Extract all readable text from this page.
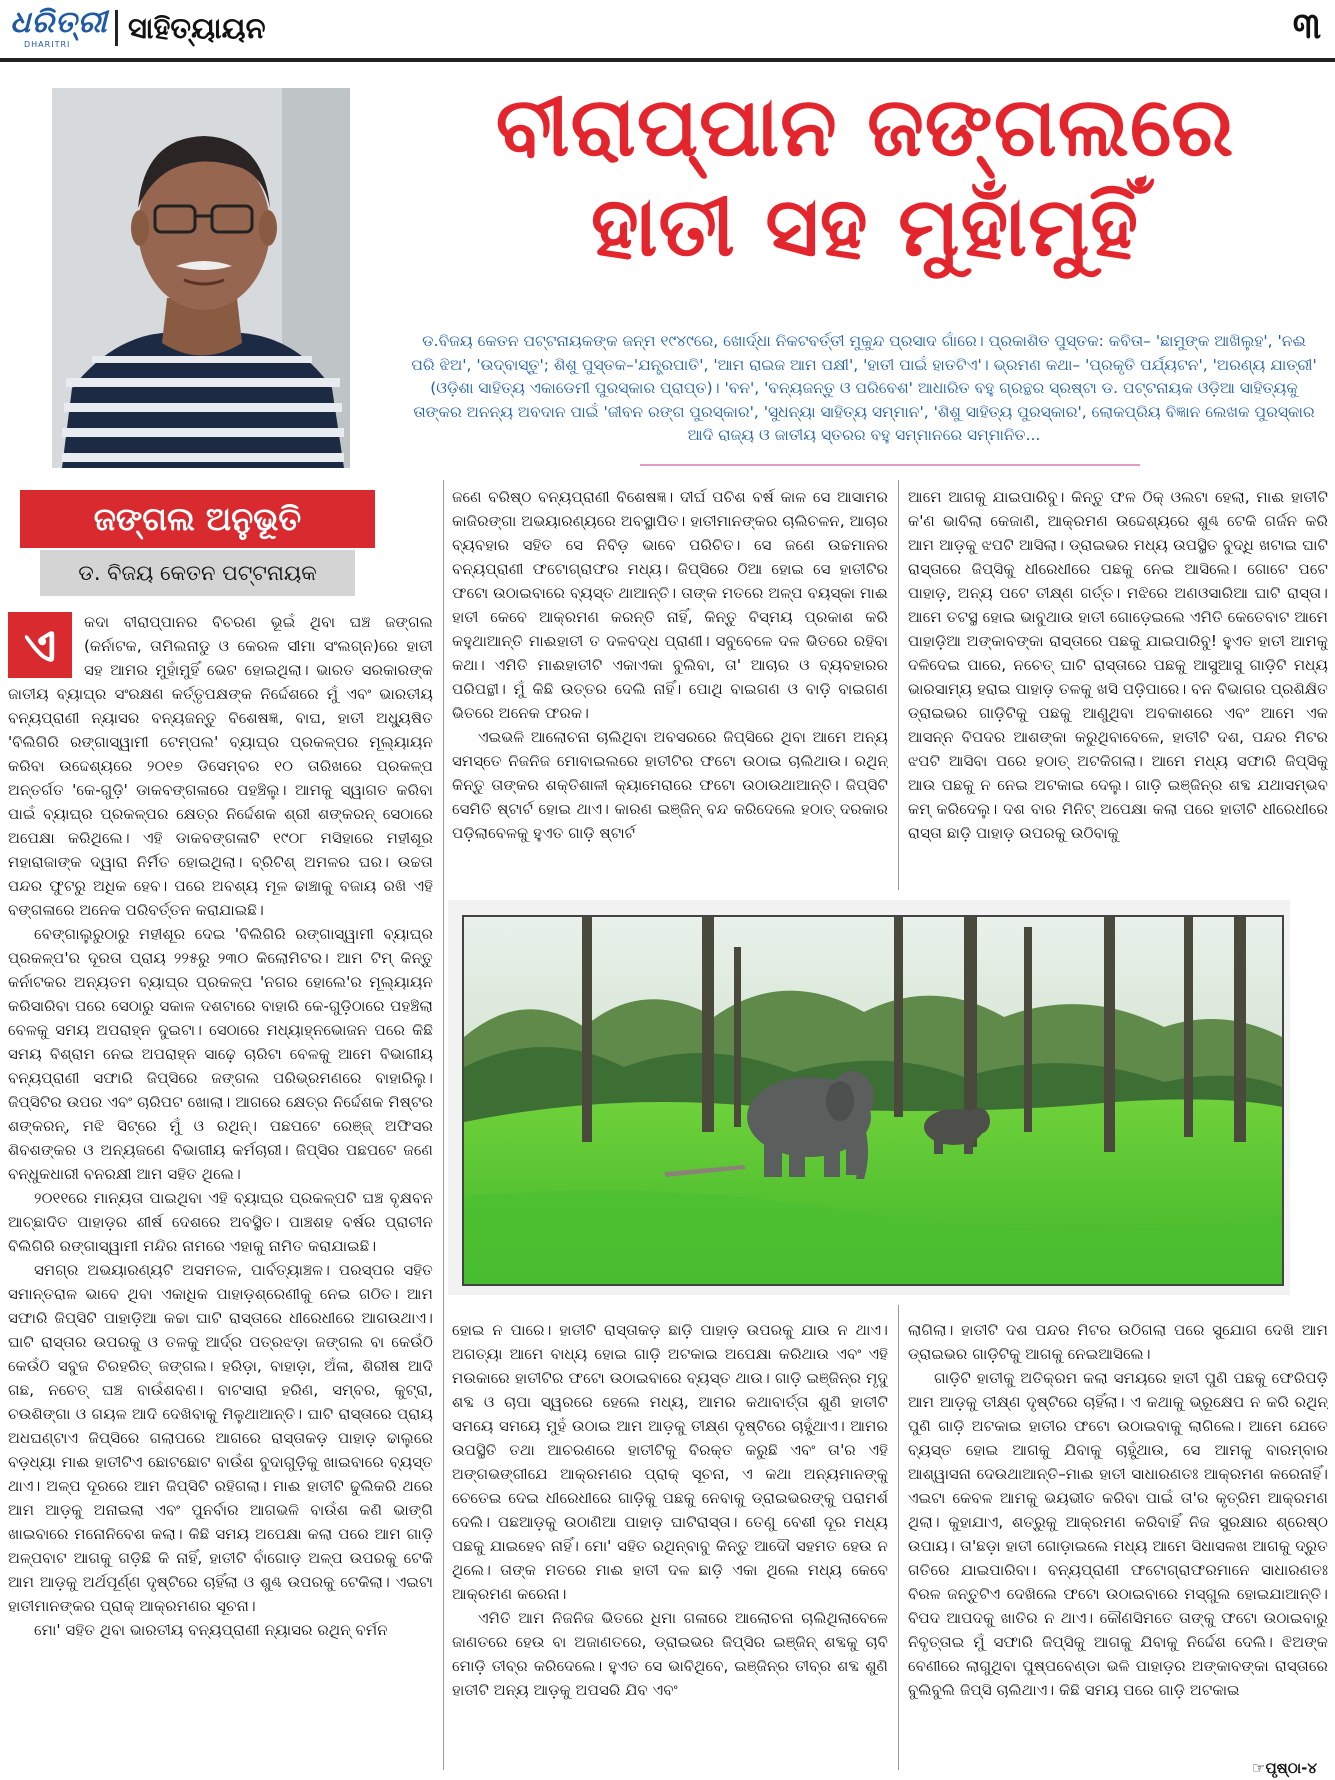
ଧରିତ୍ରୀ
DHARITRI ସାହିତ୍ୟାୟନ	୩
ଜଙ୍ଗଲ ଅନୁଭୂତି
ଡ. ବିଜୟ କେତନ ପଟ୍ଟନାୟକ
ବୀରାପ୍ପାନ ଜଙ୍ଗଲରେ
ହାତୀ ସହ ମୁହାଁମୁହିଁ
ଡ.ବିଜୟ କେତନ ପଟ୍ଟନାୟକଙ୍କ ଜନ୍ମ ୧୯୪୯ରେ, ଖୋର୍ଦ୍ଧା ନିକଟବର୍ତ୍ତୀ ମୁକୁନ୍ଦ ପ୍ରସାଦ ଗାଁରେ। ପ୍ରକାଶିତ ପୁସ୍ତକ: କବିତା– 'ଛାମୁଙ୍କ ଆଖିଲୁହ', 'ନଈ ପରି ଝିଅ', 'ଉଦ୍‌ବାସ୍ତୁ'; ଶିଶୁ ପୁସ୍ତକ–'ଯନ୍ତ୍ରପାତି', 'ଆମ ରାଇଜ ଆମ ପକ୍ଷୀ', 'ହାତୀ ପାଇଁ ହାତଟିଏ'। ଭ୍ରମଣ କଥା– 'ପ୍ରକୃତି ପର୍ଯ୍ୟଟନ', 'ଅରଣ୍ୟ ଯାତ୍ରୀ' (ଓଡ଼ିଶା ସାହିତ୍ୟ ଏକାଡେମୀ ପୁରସ୍କାର ପ୍ରାପ୍ତ)। 'ବନ', 'ବନ୍ୟଜନ୍ତୁ ଓ ପରିବେଶ' ଆଧାରିତ ବହୁ ଗ୍ରନ୍ଥର ସ୍ରଷ୍ଟା ଡ. ପଟ୍ଟନାୟକ ଓଡ଼ିଆ ସାହିତ୍ୟକୁ ତାଙ୍କର ଅନନ୍ୟ ଅବଦାନ ପାଇଁ 'ଜୀବନ ରଙ୍ଗ ପୁରସ୍କାର', 'ସୁଧନ୍ୟା ସାହିତ୍ୟ ସମ୍ମାନ', 'ଶିଶୁ ସାହିତ୍ୟ ପୁରସ୍କାର', ଲୋକପ୍ରିୟ ବିଜ୍ଞାନ ଲେଖକ ପୁରସ୍କାର ଆଦି ରାଜ୍ୟ ଓ ଜାତୀୟ ସ୍ତରର ବହୁ ସମ୍ମାନରେ ସମ୍ମାନିତ...
ଏ	କଦା ବୀରାପ୍ପାନର ବିଚରଣ ଭୂଇଁ ଥିବା ଘଞ୍ଚ ଜଙ୍ଗଲ (କର୍ନାଟକ, ତାମିଲନାଡୁ ଓ କେରଳ ସୀମା ସଂଲଗ୍ନ)ରେ ହାତୀ ସହ ଆମର ମୁହାଁମୁହିଁ ଭେଟ ହୋଇଥିଲା। ଭାରତ ସରକାରଙ୍କ ଜାତୀୟ ବ୍ୟାଘ୍ର ସଂରକ୍ଷଣ କର୍ତ୍ତୃପକ୍ଷଙ୍କ ନିର୍ଦ୍ଦେଶରେ ମୁଁ ଏବଂ ଭାରତୀୟ ବନ୍ୟପ୍ରାଣୀ ନ୍ୟାସର ବନ୍ୟଜନ୍ତୁ ବିଶେଷଜ୍ଞ, ବାଘ, ହାତୀ ଅଧ୍ୟୁଷିତ 'ବିଲିଗିରି ରଙ୍ଗାସ୍ୱାମୀ ଟେମ୍ପଲ' ବ୍ୟାଘ୍ର ପ୍ରକଳ୍ପର ମୂଲ୍ୟାୟନ କରିବା ଉଦ୍ଦେଶ୍ୟରେ ୨୦୧୭ ଡିସେମ୍ବର ୧୦ ତାରିଖରେ ପ୍ରକଳ୍ପ ଅନ୍ତର୍ଗତ 'କେ-ଗୁଡ଼ି' ଡାକବଙ୍ଗଳାରେ ପହଞ୍ଚିଲୁ। ଆମକୁ ସ୍ୱାଗତ କରିବା ପାଇଁ ବ୍ୟାଘ୍ର ପ୍ରକଳ୍ପର କ୍ଷେତ୍ର ନିର୍ଦ୍ଦେଶକ ଶ୍ରୀ ଶଙ୍କରନ୍ ସେଠାରେ ଅପେକ୍ଷା କରିଥିଲେ। ଏହି ଡାକବଙ୍ଗଳାଟି ୧୯୦୮ ମସିହାରେ ମହୀଶୂର ମହାରାଜାଙ୍କ ଦ୍ୱାରା ନିର୍ମିତ ହୋଇଥିଲା। ବ୍ରିଟିଶ୍ ଅମଳର ଘର। ଉଚ୍ଚତା ପନ୍ଦର ଫୁଟରୁ ଅଧିକ ହେବ। ପରେ ଅବଶ୍ୟ ମୂଳ ଢାଞ୍ଚାକୁ ବଜାୟ ରଖି ଏହି ବଙ୍ଗଳାରେ ଅନେକ ପରିବର୍ତ୍ତନ କରାଯାଇଛି।

ବେଙ୍ଗାଲୁରୁଠାରୁ ମହୀଶୂର ଦେଇ 'ବିଲିଗିରି ରଙ୍ଗାସ୍ୱାମୀ ବ୍ୟାଘ୍ର ପ୍ରକଳ୍ପ'ର ଦୂରତା ପ୍ରାୟ ୨୨୫ରୁ ୨୩୦ କିଲୋମିଟର। ଆମ ଟିମ୍ କିନ୍ତୁ କର୍ନାଟକର ଅନ୍ୟତମ ବ୍ୟାଘ୍ର ପ୍ରକଳ୍ପ 'ନଗର ହୋଲେ'ର ମୂଲ୍ୟାୟନ କରିସାରିବା ପରେ ସେଠାରୁ ସକାଳ ଦଶଟାରେ ବାହାରି କେ-ଗୁଡ଼ିଠାରେ ପହଞ୍ଚିଲା ବେଳକୁ ସମୟ ଅପରାହ୍ନ ଦୁଇଟା। ସେଠାରେ ମଧ୍ୟାହ୍ନଭୋଜନ ପରେ କିଛି ସମୟ ବିଶ୍ରାମ ନେଇ ଅପରାହ୍ନ ସାଢ଼େ ଚାରିଟା ବେଳକୁ ଆମେ ବିଭାଗୀୟ ବନ୍ୟପ୍ରାଣୀ ସଫାରି ଜିପ୍‌ସିରେ ଜଙ୍ଗଲ ପରିଭ୍ରମଣରେ ବାହାରିଲୁ। ଜିପ୍‌ସିଟିର ଉପର ଏବଂ ଚାରିପଟ ଖୋଲା। ଆଗରେ କ୍ଷେତ୍ର ନିର୍ଦ୍ଦେଶକ ମିଷ୍ଟର ଶଙ୍କରନ୍, ମଝି ସିଟ୍‌ରେ ମୁଁ ଓ ରଥିନ୍। ପଛପଟେ ରେଞ୍ଜ୍ ଅଫିସର ଶିବଶଙ୍କର ଓ ଅନ୍ୟଜଣେ ବିଭାଗୀୟ କର୍ମଚାରୀ। ଜିପ୍‌ସିର ପଛପଟେ ଜଣେ ବନ୍ଧୁକଧାରୀ ବନରକ୍ଷୀ ଆମ ସହିତ ଥିଲେ।

୨୦୧୧ରେ ମାନ୍ୟତା ପାଇଥିବା ଏହି ବ୍ୟାଘ୍ର ପ୍ରକଳ୍ପଟି ଘଞ୍ଚ ବୃକ୍ଷବନ ଆଚ୍ଛାଦିତ ପାହାଡ଼ର ଶୀର୍ଷ ଦେଶରେ ଅବସ୍ଥିତ। ପାଞ୍ଚଶହ ବର୍ଷର ପ୍ରାଚୀନ ବିଲିଗିରି ରଙ୍ଗାସ୍ୱାମୀ ମନ୍ଦିର ନାମରେ ଏହାକୁ ନାମିତ କରାଯାଇଛି।

ସମଗ୍ର ଅଭୟାରଣ୍ୟଟି ଅସମତଳ, ପାର୍ବତ୍ୟାଞ୍ଚଳ। ପରସ୍ପର ସହିତ ସମାନ୍ତରାଳ ଭାବେ ଥିବା ଏକାଧିକ ପାହାଡ଼ଶ୍ରେଣୀକୁ ନେଇ ଗଠିତ। ଆମ ସଫାରି ଜିପ୍‌ସିଟି ପାହାଡ଼ିଆ କଚ୍ଚା ଘାଟି ରାସ୍ତାରେ ଧୀରେଧୀରେ ଆଗଉଥାଏ। ଘାଟି ରାସ୍ତାର ଉପରକୁ ଓ ତଳକୁ ଆର୍ଦ୍ର ପତ୍ରଝଡ଼ା ଜଙ୍ଗଲ ବା କେଉଁଠି କେଉଁଠି ସବୁଜ ଚିରହରିତ୍ ଜଙ୍ଗଲ। ହରିଡ଼ା, ବାହାଡ଼ା, ଅଁଳା, ଶିରୀଷ ଆଦି ଗଛ, ନଚେତ୍ ଘଞ୍ଚ ବାଉଁଶବଣ। ବାଟସାରା ହରିଣ, ସମ୍ବର, କୁଟ୍ରା, ଚଉଶିଙ୍ଗା ଓ ଗୟଳ ଆଦି ଦେଖିବାକୁ ମିଳୁଥାଆନ୍ତି। ଘାଟି ରାସ୍ତାରେ ପ୍ରାୟ ଅଧଘଣ୍ଟାଏ ଜିପ୍‌ସିରେ ଗଲାପରେ ଆଗରେ ରାସ୍ତାକଡ଼ ପାହାଡ଼ ଢାଲୁରେ ବଡ଼ଧ୍ୟା ମାଈ ହାତୀଟିଏ ଛୋଟଛୋଟ ବାଉଁଶ ବୁଦାଗୁଡ଼ିକୁ ଖାଇବାରେ ବ୍ୟସ୍ତ ଥାଏ। ଅଳ୍ପ ଦୂରରେ ଆମ ଜିପ୍‌ସିଟି ରହିଗଲା। ମାଈ ହାତୀଟି ଢୁଲିକରି ଥରେ ଆମ ଆଡ଼କୁ ଅନାଇଲା ଏବଂ ପୁନର୍ବାର ଆଗଭଳି ବାଉଁଶ କଣି ଭାଙ୍ଗି ଖାଇବାରେ ମନୋନିବେଶ କଲା। କିଛି ସମୟ ଅପେକ୍ଷା କଲା ପରେ ଆମ ଗାଡ଼ି ଅଳ୍ପବାଟ ଆଗକୁ ଗଡ଼ିଛି କି ନାହିଁ, ହାତୀଟି ବାଁଗୋଡ଼ ଅଳ୍ପ ଉପରକୁ ଟେକି ଆମ ଆଡ଼କୁ ଅର୍ଥପୂର୍ଣ୍ଣ ଦୃଷ୍ଟିରେ ଚାହିଁଲା ଓ ଶୁଣ୍ଢ ଉପରକୁ ଟେକିଲା। ଏଇଟା ହାତୀମାନଙ୍କର ପ୍ରାକ୍ ଆକ୍ରମଣର ସୂଚନା।

ମୋ' ସହିତ ଥିବା ଭାରତୀୟ ବନ୍ୟପ୍ରାଣୀ ନ୍ୟାସର ରଥିନ୍ ବର୍ମନ

ଜଣେ ବରିଷ୍ଠ ବନ୍ୟପ୍ରାଣୀ ବିଶେଷଜ୍ଞ। ଦୀର୍ଘ ପଚିଶ ବର୍ଷ କାଳ ସେ ଆସାମର କାଜିରଙ୍ଗା ଅଭୟାରଣ୍ୟରେ ଅବସ୍ଥାପିତ। ହାତୀମାନଙ୍କର ଚାଲିଚଳନ, ଆଚାର ବ୍ୟବହାର ସହିତ ସେ ନିବିଡ଼ ଭାବେ ପରିଚିତ। ସେ ଜଣେ ଉଚ୍ଚମାନର ବନ୍ୟପ୍ରାଣୀ ଫଟୋଗ୍ରାଫର ମଧ୍ୟ। ଜିପ୍‌ସିରେ ଠିଆ ହୋଇ ସେ ହାତୀଟିର ଫଟୋ ଉଠାଇବାରେ ବ୍ୟସ୍ତ ଥାଆନ୍ତି। ତାଙ୍କ ମତରେ ଅଳ୍ପ ବୟସ୍କା ମାଈ ହାତୀ କେବେ ଆକ୍ରମଣ କରନ୍ତି ନାହିଁ, କିନ୍ତୁ ବିସ୍ମୟ ପ୍ରକାଶ କରି କହୁଥାଆନ୍ତି ମାଈହାତୀ ତ ଦଳବଦ୍ଧ ପ୍ରାଣୀ। ସବୁବେଳେ ଦଳ ଭିତରେ ରହିବା କଥା। ଏମିତି ମାଈହାତୀଟି ଏକାଏକା ବୁଲିବା, ତା' ଆଚାର ଓ ବ୍ୟବହାରର ପରିପନ୍ଥୀ। ମୁଁ କିଛି ଉତ୍ତର ଦେଲି ନାହିଁ। ପୋଥି ବାଇଗଣ ଓ ବାଡ଼ି ବାଇଗଣ ଭିତରେ ଅନେକ ଫରକ।

ଏଇଭଳି ଆଲୋଚନା ଚାଲିଥିବା ଅବସରରେ ଜିପ୍‌ସିରେ ଥିବା ଆମେ ଅନ୍ୟ ସମସ୍ତେ ନିଜନିଜ ମୋବାଇଲରେ ହାତୀଟିର ଫଟୋ ଉଠାଇ ଚାଲିଥାଉ। ରଥିନ୍ କିନ୍ତୁ ତାଙ୍କର ଶକ୍ତିଶାଳୀ କ୍ୟାମେରାରେ ଫଟୋ ଉଠାଉଥାଆନ୍ତି। ଜିପ୍‌ସିଟି ସେମିତି ଷ୍ଟାର୍ଟ ହୋଇ ଥାଏ। କାରଣ ଇଞ୍ଜିନ୍ ବନ୍ଦ କରିଦେଲେ ହଠାତ୍ ଦରକାର ପଡ଼ିଲାବେଳକୁ ହୁଏତ ଗାଡ଼ି ଷ୍ଟାର୍ଟ

ଆମେ ଆଗକୁ ଯାଇପାରିବୁ। କିନ୍ତୁ ଫଳ ଠିକ୍ ଓଲଟା ହେଲା, ମାଈ ହାତୀଟି କ'ଣ ଭାବିଲା କେଜାଣି, ଆକ୍ରମଣ ଉଦ୍ଦେଶ୍ୟରେ ଶୁଣ୍ଢ ଟେକି ଗର୍ଜନ କରି ଆମ ଆଡ଼କୁ ଝପଟି ଆସିଲା। ଡ୍ରାଇଭର ମଧ୍ୟ ଉପସ୍ଥିତ ବୁଦ୍ଧି ଖଟାଇ ଘାଟି ରାସ୍ତାରେ ଜିପ୍‌ସିକୁ ଧୀରେଧୀରେ ପଛକୁ ନେଇ ଆସିଲେ। ଗୋଟେ ପଟେ ପାହାଡ଼, ଅନ୍ୟ ପଟେ ତୀକ୍ଷ୍ଣ ଗର୍ତ୍ତ। ମଝିରେ ଅଣଓସାରିଆ ଘାଟି ରାସ୍ତା। ଆମେ ତଟସ୍ଥ ହୋଇ ଭାବୁଥାଉ ହାତୀ ଗୋଡ଼େଇଲେ ଏମିତି କେତେବାଟ ଆମେ ପାହାଡ଼ିଆ ଅଙ୍କାବଙ୍କା ରାସ୍ତାରେ ପଛକୁ ଯାଇପାରିବୁ! ହୁଏତ ହାତୀ ଆମକୁ ଦଳିଦେଇ ପାରେ, ନଚେତ୍ ଘାଟି ରାସ୍ତାରେ ପଛକୁ ଆସୁଆସୁ ଗାଡ଼ିଟି ମଧ୍ୟ ଭାରସାମ୍ୟ ହରାଇ ପାହାଡ଼ ତଳକୁ ଖସି ପଡ଼ିପାରେ। ବନ ବିଭାଗର ପ୍ରଶିକ୍ଷିତ ଡ୍ରାଇଭର ଗାଡ଼ିଟିକୁ ପଛକୁ ଆଣୁଥିବା ଅବକାଶରେ ଏବଂ ଆମେ ଏକ ଆସନ୍ନ ବିପଦର ଆଶଙ୍କା କରୁଥିବାବେଳେ, ହାତୀଟି ଦଶ, ପନ୍ଦର ମିଟର ଝପଟି ଆସିବା ପରେ ହଠାତ୍ ଅଟକିଗଲା। ଆମେ ମଧ୍ୟ ସଫାରି ଜିପ୍‌ସିକୁ ଆଉ ପଛକୁ ନ ନେଇ ଅଟକାଇ ଦେଲୁ। ଗାଡ଼ି ଇଞ୍ଜିନ୍‌ର ଶବ୍ଦ ଯଥାସମ୍ଭବ କମ୍ କରିଦେଲୁ। ଦଶ ବାର ମିନିଟ୍ ଅପେକ୍ଷା କଲା ପରେ ହାତୀଟି ଧୀରେଧୀରେ ରାସ୍ତା ଛାଡ଼ି ପାହାଡ଼ ଉପରକୁ ଉଠିବାକୁ

ହୋଇ ନ ପାରେ। ହାତୀଟି ରାସ୍ତାକଡ଼ ଛାଡ଼ି ପାହାଡ଼ ଉପରକୁ ଯାଉ ନ ଥାଏ। ଅଗତ୍ୟା ଆମେ ବାଧ୍ୟ ହୋଇ ଗାଡ଼ି ଅଟକାଇ ଅପେକ୍ଷା କରିଥାଉ ଏବଂ ଏହି ମଉକାରେ ହାତୀଟିର ଫଟୋ ଉଠାଇବାରେ ବ୍ୟସ୍ତ ଥାଉ। ଗାଡ଼ି ଇଞ୍ଜିନ୍‌ର ମୃଦୁ ଶବ୍ଦ ଓ ଚାପା ସ୍ୱରରେ ହେଲେ ମଧ୍ୟ, ଆମର କଥାବାର୍ତ୍ତା ଶୁଣି ହାତୀଟି ସମୟେ ସମୟେ ମୁହଁ ଉଠାଇ ଆମ ଆଡ଼କୁ ତୀକ୍ଷ୍ଣ ଦୃଷ୍ଟିରେ ଚାହୁଁଥାଏ। ଆମର ଉପସ୍ଥିତି ତଥା ଆଚରଣରେ ହାତୀଟିକୁ ବିରକ୍ତ କରୁଛି ଏବଂ ତା'ର ଏହି ଅଙ୍ଗଭଙ୍ଗୀଯେ ଆକ୍ରମଣର ପ୍ରାକ୍ ସୂଚନା, ଏ କଥା ଅନ୍ୟମାନଙ୍କୁ ଚେତେଇ ଦେଇ ଧୀରେଧୀରେ ଗାଡ଼ିକୁ ପଛକୁ ନେବାକୁ ଡ୍ରାଇଭରଙ୍କୁ ପରାମର୍ଶ ଦେଲି। ପଛଆଡ଼କୁ ଉଠାଣିଆ ପାହାଡ଼ ଘାଟିରାସ୍ତା। ତେଣୁ ବେଶୀ ଦୂର ମଧ୍ୟ ପଛକୁ ଯାଇହେବ ନାହିଁ। ମୋ' ସହିତ ରଥିନ୍‌ବାବୁ କିନ୍ତୁ ଆଦୌ ସହମତ ହେଉ ନ ଥିଲେ। ତାଙ୍କ ମତରେ ମାଈ ହାତୀ ଦଳ ଛାଡ଼ି ଏକା ଥିଲେ ମଧ୍ୟ କେବେ ଆକ୍ରମଣ କରେନା।

ଏମିତି ଆମ ନିଜନିଜ ଭିତରେ ଧିମା ଗଳାରେ ଆଲୋଚନା ଚାଲିଥିଲାବେଳେ ଜାଣତରେ ହେଉ ବା ଅଜାଣତରେ, ଡ୍ରାଇଭର ଜିପ୍‌ସିର ଇଞ୍ଜିନ୍ ଶବ୍ଦକୁ ଚାବି ମୋଡ଼ି ତୀବ୍ର କରିଦେଲେ। ହୁଏତ ସେ ଭାବିଥିବେ, ଇଞ୍ଜିନ୍‌ର ତୀବ୍ର ଶବ୍ଦ ଶୁଣି ହାତୀଟି ଅନ୍ୟ ଆଡ଼କୁ ଅପସରି ଯିବ ଏବଂ

ଲାଗିଲା। ହାତୀଟି ଦଶ ପନ୍ଦର ମିଟର ଉଠିଗଲା ପରେ ସୁଯୋଗ ଦେଖି ଆମ ଡ୍ରାଇଭର ଗାଡ଼ିଟିକୁ ଆଗକୁ ନେଇଆସିଲେ।

ଗାଡ଼ିଟି ହାତୀକୁ ଅତିକ୍ରମ କଲା ସମୟରେ ହାତୀ ପୁଣି ପଛକୁ ଫେରିପଡ଼ି ଆମ ଆଡ଼କୁ ତୀକ୍ଷ୍ଣ ଦୃଷ୍ଟିରେ ଚାହିଁଲା। ଏ କଥାକୁ ଭ୍ରୂକ୍ଷେପ ନ କରି ରଥିନ୍ ପୁଣି ଗାଡ଼ି ଅଟକାଇ ହାତୀର ଫଟୋ ଉଠାଇବାକୁ ଲାଗିଲେ। ଆମେ ଯେତେ ବ୍ୟସ୍ତ ହୋଇ ଆଗକୁ ଯିବାକୁ ଚାହୁଁଥାଉ, ସେ ଆମକୁ ବାରମ୍ବାର ଆଶ୍ୱାସନା ଦେଉଥାଆନ୍ତି–ମାଈ ହାତୀ ସାଧାରଣତଃ ଆକ୍ରମଣ କରେନାହିଁ। ଏଇଟା କେବଳ ଆମକୁ ଭୟଭୀତ କରିବା ପାଇଁ ତା'ର କୃତ୍ରିମ ଆକ୍ରମଣ ଥିଲା। କୁହାଯାଏ, ଶତ୍ରୁକୁ ଆକ୍ରମଣ କରିବାହିଁ ନିଜ ସୁରକ୍ଷାର ଶ୍ରେଷ୍ଠ ଉପାୟ। ତା'ଛଡ଼ା ହାତୀ ଗୋଡ଼ାଇଲେ ମଧ୍ୟ ଆମେ ସିଧାସଳଖ ଆଗକୁ ଦ୍ରୁତ ଗତିରେ ଯାଇପାରିବା। ବନ୍ୟପ୍ରାଣୀ ଫଟୋଗ୍ରାଫରମାନେ ସାଧାରଣତଃ ବିରଳ ଜନ୍ତୁଟିଏ ଦେଖିଲେ ଫଟୋ ଉଠାଇବାରେ ମସ୍‌ଗୁଲ ହୋଇଯାଆନ୍ତି। ବିପଦ ଆପଦକୁ ଖାତିର ନ ଥାଏ। କୌଣସିମତେ ତାଙ୍କୁ ଫଟୋ ଉଠାଇବାରୁ ନିବୃତ୍ତାଇ ମୁଁ ସଫାରି ଜିପ୍‌ସିକୁ ଆଗକୁ ଯିବାକୁ ନିର୍ଦ୍ଦେଶ ଦେଲି। ଝିଅଙ୍କ ବେଣୀରେ ଲାଗୁଥିବା ପୁଷ୍ପବେଣ୍ଡା ଭଳି ପାହାଡ଼ର ଅଙ୍କାବଙ୍କା ରାସ୍ତାରେ ବୁଲିବୁଲି ଜିପ୍‌ସି ଚାଲିଥାଏ। କିଛି ସମୟ ପରେ ଗାଡ଼ି ଅଟକାଇ

☞ପୃଷ୍ଠା-୪
